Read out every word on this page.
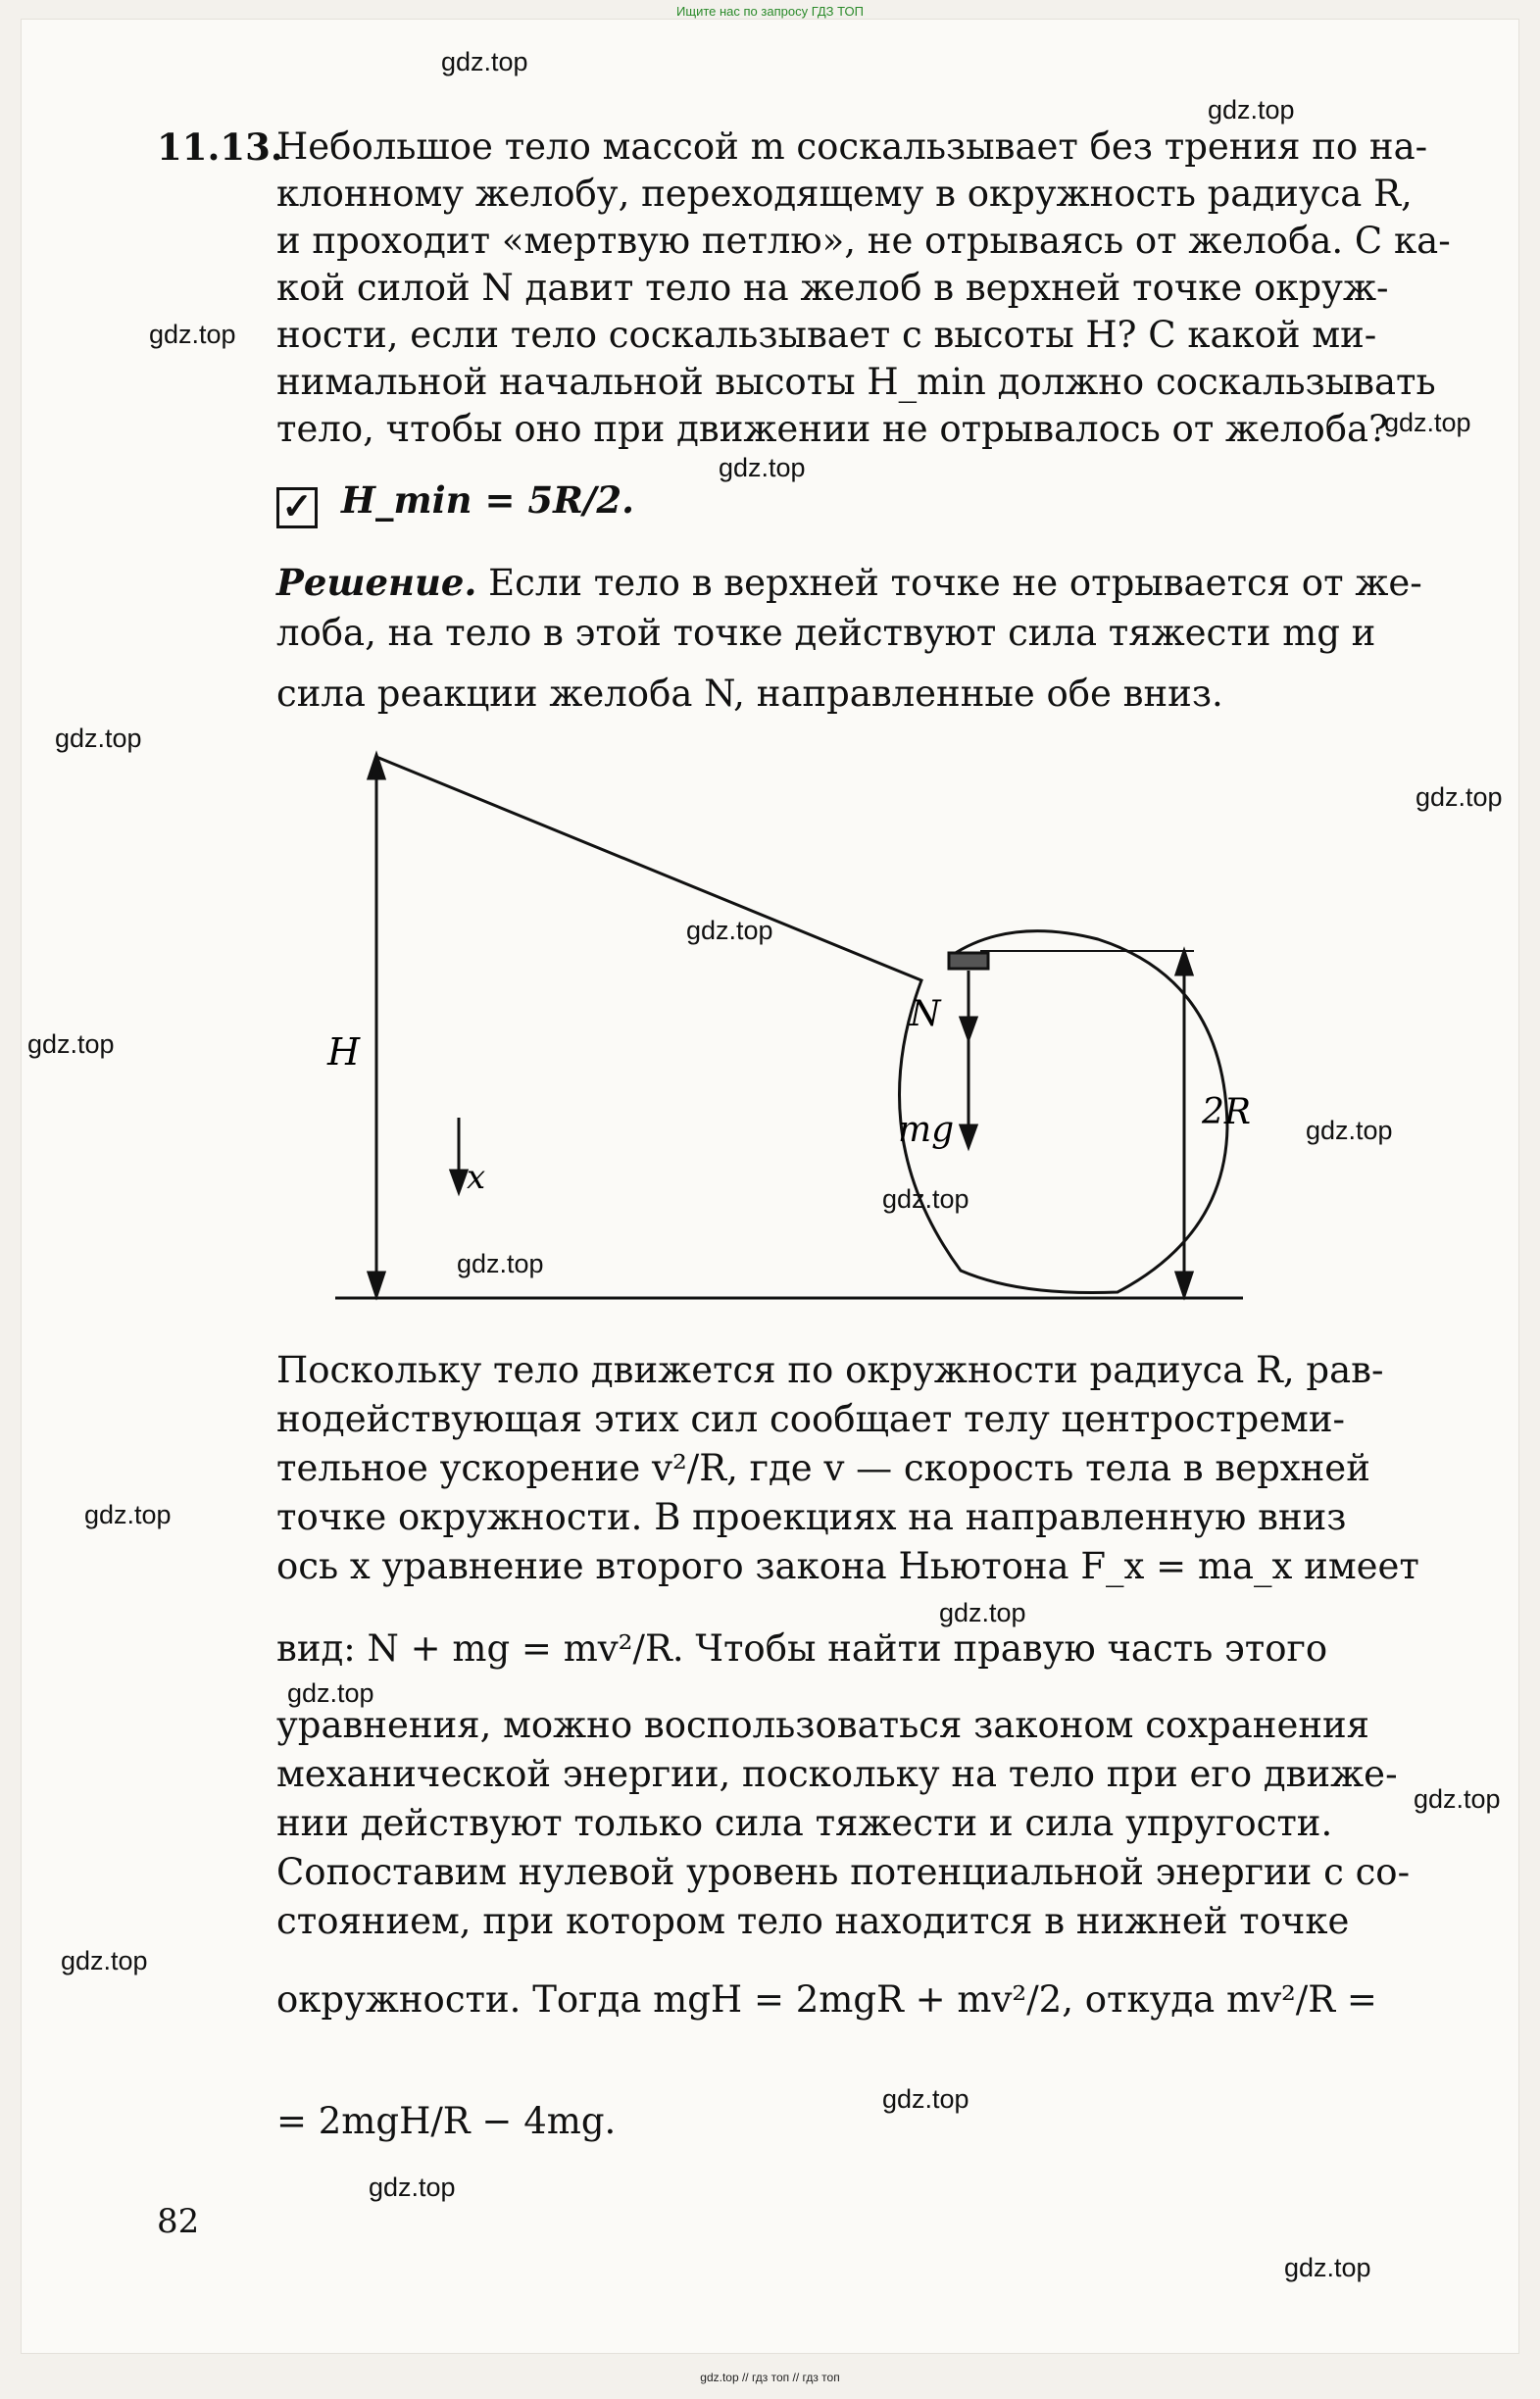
Ищите нас по запросу ГДЗ ТОП
gdz.top
gdz.top
gdz.top
gdz.top
gdz.top
gdz.top
gdz.top
gdz.top
gdz.top
gdz.top
gdz.top
gdz.top
gdz.top
gdz.top
gdz.top
gdz.top
gdz.top
gdz.top
gdz.top
gdz.top
11.13.
Небольшое тело массой m соскальзывает без трения по на-
клонному желобу, переходящему в окружность радиуса R,
и проходит «мертвую петлю», не отрываясь от желоба. С ка-
кой силой N давит тело на желоб в верхней точке окруж-
ности, если тело соскальзывает с высоты H? С какой ми-
нимальной начальной высоты H_min должно соскальзывать
тело, чтобы оно при движении не отрывалось от желоба?
✓ H_min = 5R/2.
Решение. Если тело в верхней точке не отрывается от же-
лоба, на тело в этой точке действуют сила тяжести mg и
сила реакции желоба N, направленные обе вниз.
H
x
N
mg	2R
Поскольку тело движется по окружности радиуса R, рав-
нодействующая этих сил сообщает телу центростреми-
тельное ускорение v²/R, где v — скорость тела в верхней
точке окружности. В проекциях на направленную вниз
ось x уравнение второго закона Ньютона F_x = ma_x имеет
вид: N + mg = mv²/R. Чтобы найти правую часть этого
уравнения, можно воспользоваться законом сохранения
механической энергии, поскольку на тело при его движе-
нии действуют только сила тяжести и сила упругости.
Сопоставим нулевой уровень потенциальной энергии с со-
стоянием, при котором тело находится в нижней точке
окружности. Тогда mgH = 2mgR + mv²/2, откуда mv²/R =
= 2mgH/R − 4mg.
82
gdz.top // гдз топ // гдз топ
